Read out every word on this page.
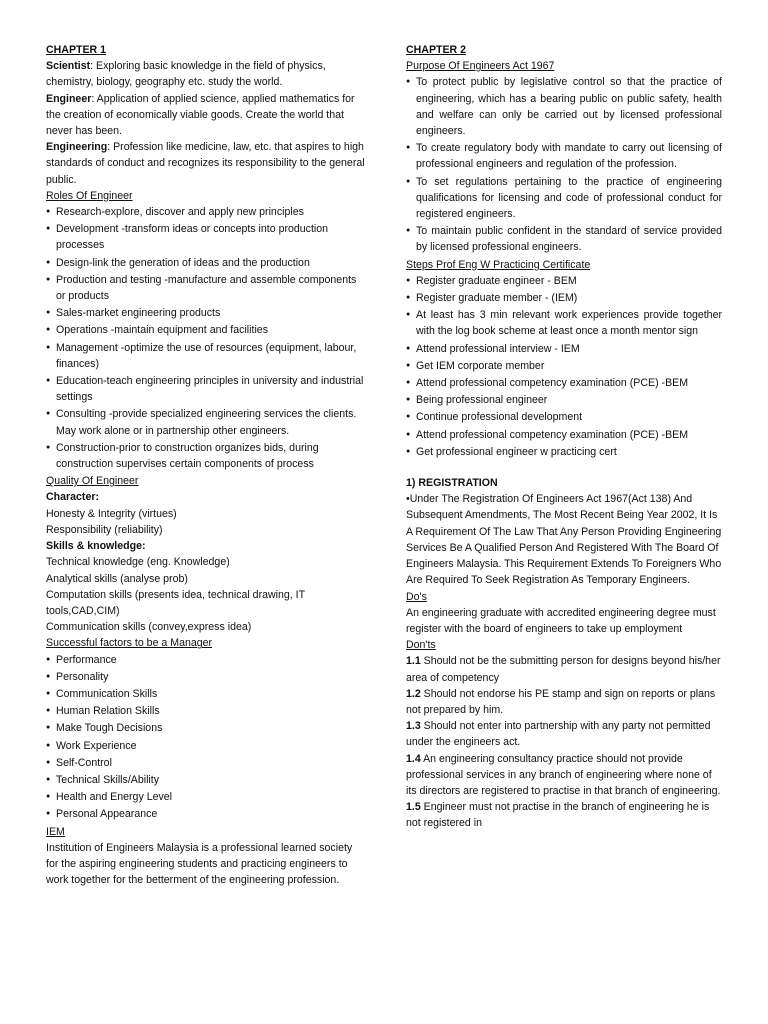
CHAPTER 1

Scientist: Exploring basic knowledge in the field of physics, chemistry, biology, geography etc. study the world.

Engineer: Application of applied science, applied mathematics for the creation of economically viable goods. Create the world that never has been.

Engineering: Profession like medicine, law, etc. that aspires to high standards of conduct and recognizes its responsibility to the general public.

Roles Of Engineer

● Research-explore, discover and apply new principles
● Development -transform ideas or concepts into production processes
● Design-link the generation of ideas and the production
● Production and testing -manufacture and assemble components or products
● Sales-market engineering products
● Operations -maintain equipment and facilities
● Management -optimize the use of resources (equipment, labour, finances)
● Education-teach engineering principles in university and industrial settings
● Consulting -provide specialized engineering services the clients. May work alone or in partnership other engineers.
● Construction-prior to construction organizes bids, during construction supervises certain components of process

Quality Of Engineer

Character:

Honesty & Integrity (virtues)

Responsibility (reliability)

Skills & knowledge:

Technical knowledge (eng. Knowledge)

Analytical skills (analyse prob)

Computation skills (presents idea, technical drawing, IT tools,CAD,CIM)

Communication skills (convey,express idea)

Successful factors to be a Manager

● Performance
● Personality
● Communication Skills
● Human Relation Skills
● Make Tough Decisions
● Work Experience
● Self-Control
● Technical Skills/Ability
● Health and Energy Level
● Personal Appearance

IEM

Institution of Engineers Malaysia is a professional learned society for the aspiring engineering students and practicing engineers to work together for the betterment of the engineering profession.

CHAPTER 2

Purpose Of Engineers Act 1967

● To protect public by legislative control so that the practice of engineering, which has a bearing public on public safety, health and welfare can only be carried out by licensed professional engineers.
● To create regulatory body with mandate to carry out licensing of professional engineers and regulation of the profession.
● To set regulations pertaining to the practice of engineering qualifications for licensing and code of professional conduct for registered engineers.
● To maintain public confident in the standard of service provided by licensed professional engineers.

Steps Prof Eng W Practicing Certificate

● Register graduate engineer - BEM
● Register graduate member - (IEM)
● At least has 3 min relevant work experiences provide together with the log book scheme at least once a month mentor sign
● Attend professional interview - IEM
● Get IEM corporate member
● Attend professional competency examination (PCE) -BEM
● Being professional engineer
● Continue professional development
● Attend professional competency examination (PCE) -BEM
● Get professional engineer w practicing cert

1) REGISTRATION

•Under The Registration Of Engineers Act 1967(Act 138) And Subsequent Amendments, The Most Recent Being Year 2002, It Is A Requirement Of The Law That Any Person Providing Engineering Services Be A Qualified Person And Registered With The Board Of Engineers Malaysia. This Requirement Extends To Foreigners Who Are Required To Seek Registration As Temporary Engineers.

Do's

An engineering graduate with accredited engineering degree must register with the board of engineers to take up employment

Don'ts

1.1 Should not be the submitting person for designs beyond his/her area of competency

1.2 Should not endorse his PE stamp and sign on reports or plans not prepared by him.

1.3 Should not enter into partnership with any party not permitted under the engineers act.

1.4 An engineering consultancy practice should not provide professional services in any branch of engineering where none of its directors are registered to practise in that branch of engineering.

1.5 Engineer must not practise in the branch of engineering he is not registered in
